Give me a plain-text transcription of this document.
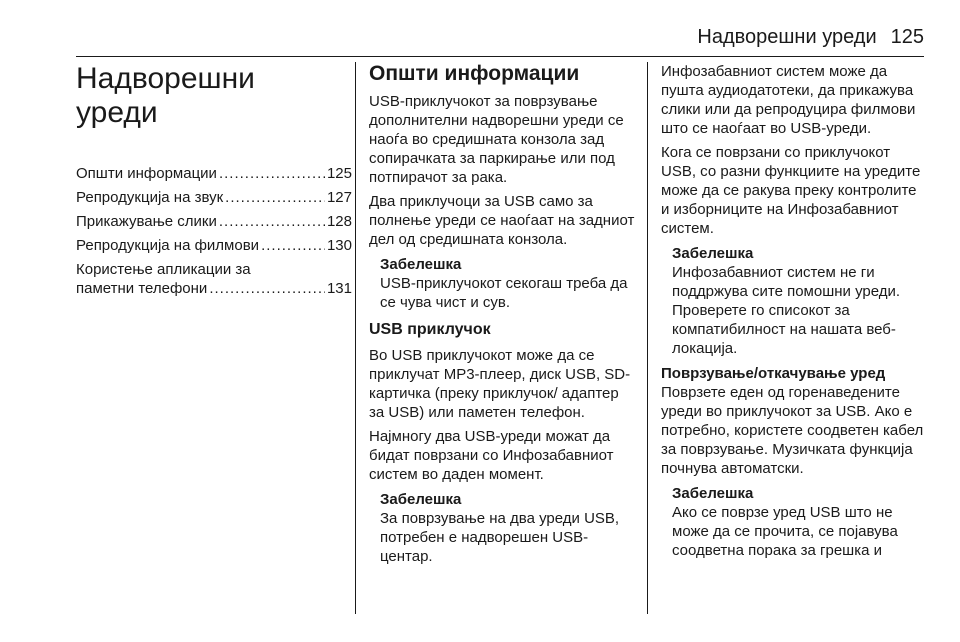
Надворешни уреди 125
Надворешни
уреди
Општи информации .....	125
Репродукција на звук .....	127
Прикажување слики .....	128
Репродукција на филмови .....	130
Користење апликации за
паметни телефони .....	131
Општи информации

USB-приклучокот за поврзување дополнителни надворешни уреди се наоѓа во средишната конзола зад сопирачката за паркирање или под потпирачот за рака.

Два приклучоци за USB само за полнење уреди се наоѓаат на задниот дел од средишната конзола.

Забелешка
USB-приклучокот секогаш треба да се чува чист и сув.
USB приклучок

Во USB приклучокот може да се приклучат MP3-плеер, диск USB, SD-картичка (преку приклучок/ адаптер за USB) или паметен телефон.

Најмногу два USB-уреди можат да бидат поврзани со Инфозабавниот систем во даден момент.

Забелешка
За поврзување на два уреди USB, потребен е надворешен USB-центар.

Инфозабавниот систем може да пушта аудиодатотеки, да прикажува слики или да репродуцира филмови што се наоѓаат во USB-уреди.

Кога се поврзани со приклучокот USB, со разни функциите на уредите може да се ракува преку контролите и изборниците на Инфозабавниот систем.

Забелешка
Инфозабавниот систем не ги поддржува сите помошни уреди. Проверете го списокот за компатибилност на нашата веб-локација.
Поврзување/откачување уред

Поврзете еден од горенаведените уреди во приклучокот за USB. Ако е потребно, користете соодветен кабел за поврзување. Музичката функција почнува автоматски.

Забелешка
Ако се поврзе уред USB што не може да се прочита, се појавува соодветна порака за грешка и
